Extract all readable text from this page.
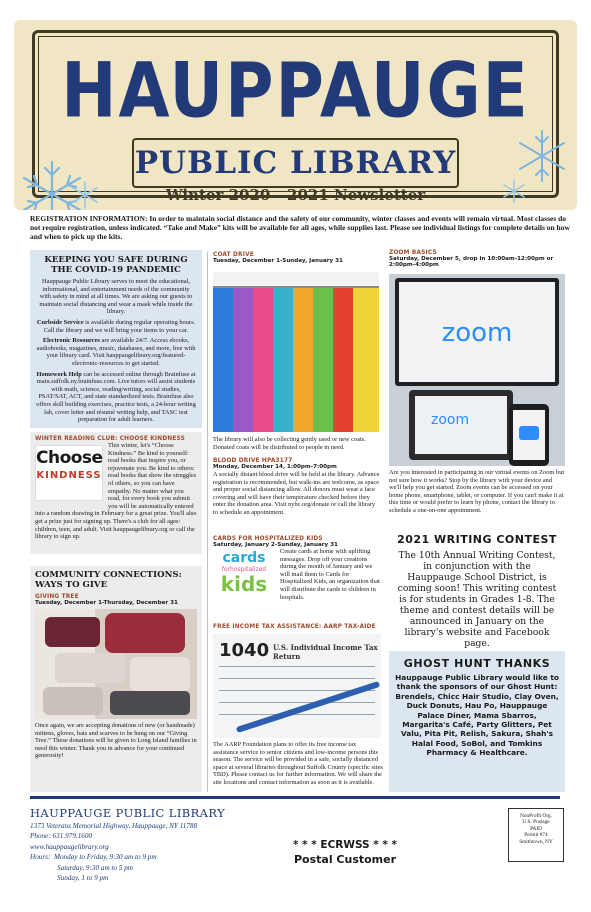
HAUPPAUGE
PUBLIC LIBRARY
Winter 2020 - 2021 Newsletter
REGISTRATION INFORMATION: In order to maintain social distance and the safety of our community, winter classes and events will remain virtual. Most classes do not require registration, unless indicated. “Take and Make” kits will be available for all ages, while supplies last. Please see individual listings for complete details on how and when to pick up the kits.
KEEPING YOU SAFE DURING
THE COVID-19 PANDEMIC
Hauppauge Public Library serves to meet the educational, informational, and entertainment needs of the community with safety in mind at all times. We are asking our guests to maintain social distancing and wear a mask while inside the library.
Curbside Service is available during regular operating hours. Call the library and we will bring your items to your car.
Electronic Resources are available 24/7. Access ebooks, audiobooks, magazines, music, databases, and more, free with your library card. Visit hauppaugelibrary.org/featured-electronic-resources to get started.
Homework Help can be accessed online through Brainfuse at main.suffolk.ny.brainfuse.com. Live tutors will assist students with math, science, reading/writing, social studies, PSAT/SAT, ACT, and state standardized tests. Brainfuse also offers skill building exercises, practice tests, a 24-hour writing lab, cover letter and résumé writing help, and TASC test preparation for adult learners.
WINTER READING CLUB: CHOOSE KINDNESS
Choose
KINDNESS
This winter, let's “Choose Kindness.” Be kind to yourself: read books that inspire you, or rejuvenate you. Be kind to others: read books that show the struggles of others, so you can have empathy. No matter what you read, for every book you submit you will be automatically entered into a random drawing in February for a great prize. You'll also get a prize just for signing up. There's a club for all ages: children, teen, and adult. Visit hauppaugelibrary.org or call the library to sign up.
COMMUNITY CONNECTIONS:
WAYS TO GIVE
GIVING TREE
Tuesday, December 1-Thursday, December 31
Once again, we are accepting donations of new (or handmade) mittens, gloves, hats and scarves to be hung on our “Giving Tree.” These donations will be given to Long Island families in need this winter. Thank you in advance for your continued generosity!
COAT DRIVE
Tuesday, December 1-Sunday, January 31
The library will also be collecting gently used or new coats. Donated coats will be distributed to people in need.
BLOOD DRIVE HPA3177
Monday, December 14, 1:00pm-7:00pm
A socially distant blood drive will be held at the library. Advance registration is recommended, but walk-ins are welcome, as space and proper social distancing allow. All donors must wear a face covering and will have their temperature checked before they enter the donation area. Visit nybc.org/donate or call the library to schedule an appointment.
CARDS FOR HOSPITALIZED KIDS
Saturday, January 2-Sunday, January 31
cards
forhospitalized
kids
Create cards at home with uplifting messages. Drop off your creations during the month of January and we will mail them to Cards for Hospitalized Kids, an organization that will distribute the cards to children in hospitals.
FREE INCOME TAX ASSISTANCE: AARP TAX-AIDE
1040 U.S. Individual Income Tax Return
The AARP Foundation plans to offer its free income tax assistance service to senior citizens and low-income persons this season. The service will be provided in a safe, socially distanced space at several libraries throughout Suffolk County (specific sites TBD). Please contact us for further information. We will share the site locations and contact information as soon as it is available.
ZOOM BASICS
Saturday, December 5, drop in 10:00am-12:00pm or 2:00pm-4:00pm
zoom
zoom
Are you interested in participating in our virtual events on Zoom but not sure how it works? Stop by the library with your device and we'll help you get started. Zoom events can be accessed on your home phone, smartphone, tablet, or computer. If you can't make it at this time or would prefer to learn by phone, contact the library to schedule a one-on-one appointment.
2021 WRITING CONTEST
The 10th Annual Writing Contest, in conjunction with the Hauppauge School District, is coming soon! This writing contest is for students in Grades 1-8. The theme and contest details will be announced in January on the library's website and Facebook page.
GHOST HUNT THANKS
Hauppauge Public Library would like to thank the sponsors of our Ghost Hunt: Brendels, Chicc Hair Studio, Clay Oven, Duck Donuts, Hau Po, Hauppauge Palace Diner, Mama Sbarros, Margarita's Café, Party Glitters, Pet Valu, Pita Pit, Relish, Sakura, Shah's Halal Food, SoBol, and Tomkins Pharmacy & Healthcare.
HAUPPAUGE PUBLIC LIBRARY
1373 Veterans Memorial Highway, Hauppauge, NY 11788
Phone: 631.979.1600
www.hauppaugelibrary.org
Hours: Monday to Friday, 9:30 am to 9 pm
Saturday, 9:30 am to 5 pm
Sunday, 1 to 9 pm
* * * ECRWSS * * *
Postal Customer
NonProfit Org.
U.S. Postage
PAID
Permit #74
Smithtown, NY
